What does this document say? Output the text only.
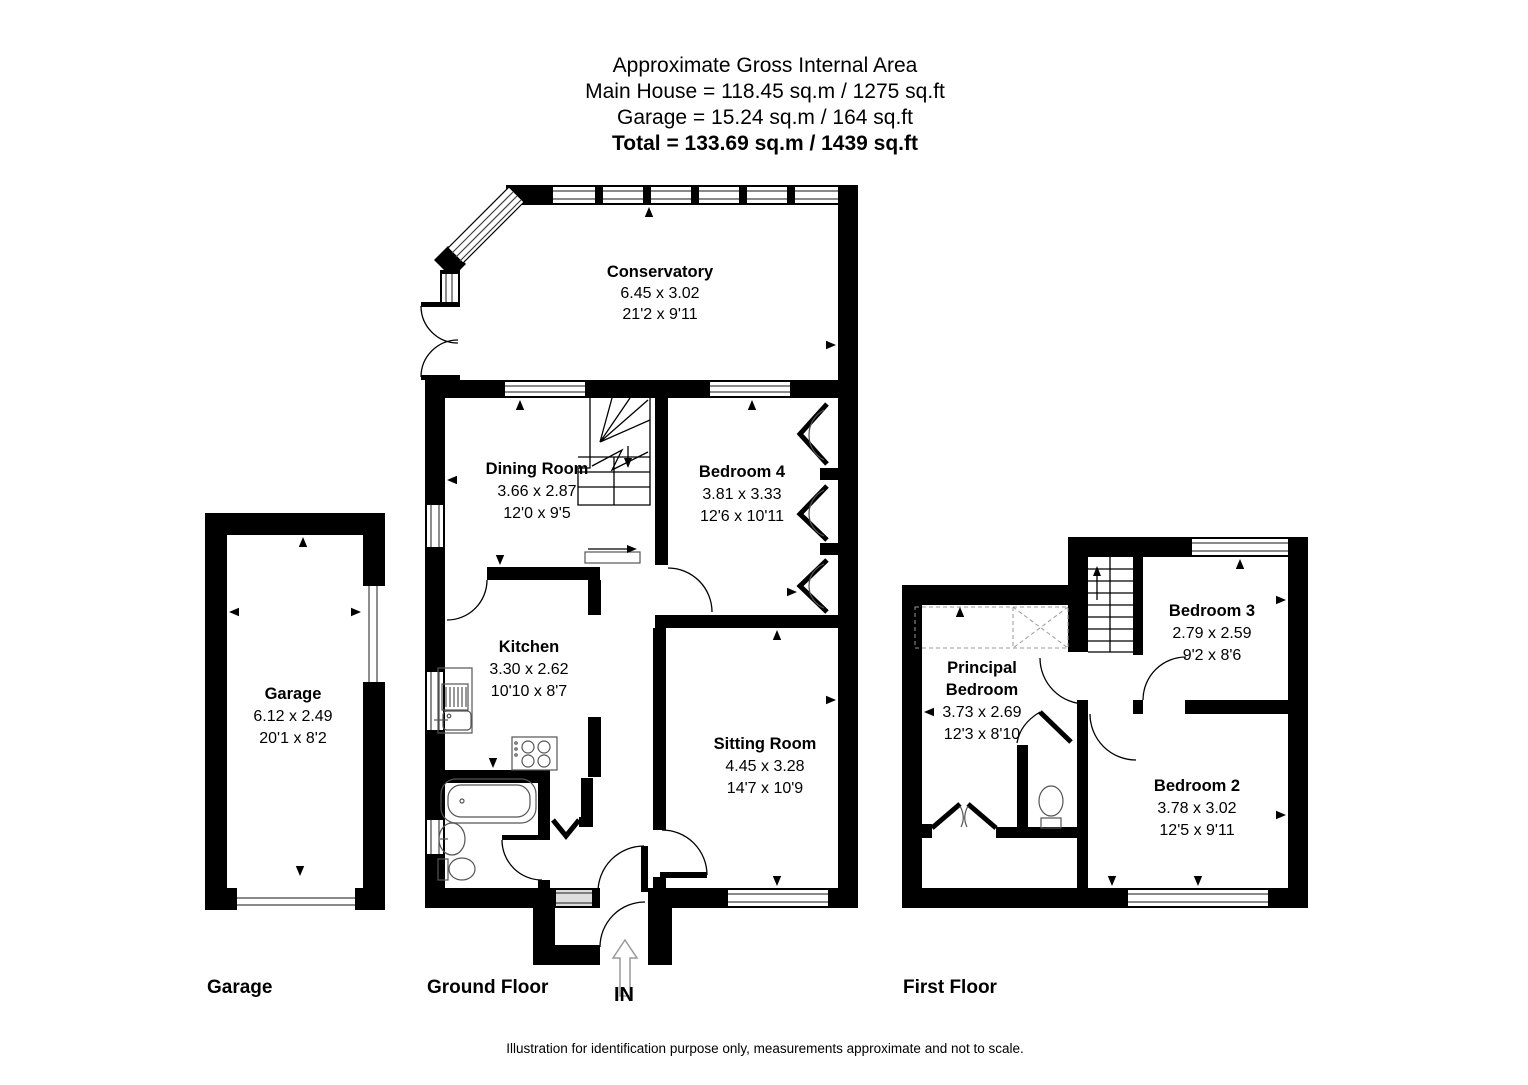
Approximate Gross Internal Area
Main House = 118.45 sq.m / 1275 sq.ft
Garage = 15.24 sq.m / 164 sq.ft
Total = 133.69 sq.m / 1439 sq.ft
Garage
6.12 x 2.49
20'1 x 8'2
Conservatory
6.45 x 3.02
21'2 x 9'11
Dining Room
3.66 x 2.87
12'0 x 9'5
Bedroom 4
3.81 x 3.33
12'6 x 10'11
Kitchen
3.30 x 2.62
10'10 x 8'7
Sitting Room
4.45 x 3.28
14'7 x 10'9
Principal
Bedroom
3.73 x 2.69
12'3 x 8'10
Bedroom 3
2.79 x 2.59
9'2 x 8'6
Bedroom 2
3.78 x 3.02
12'5 x 9'11
IN
Garage	Ground Floor	First Floor
Illustration for identification purpose only, measurements approximate and not to scale.
